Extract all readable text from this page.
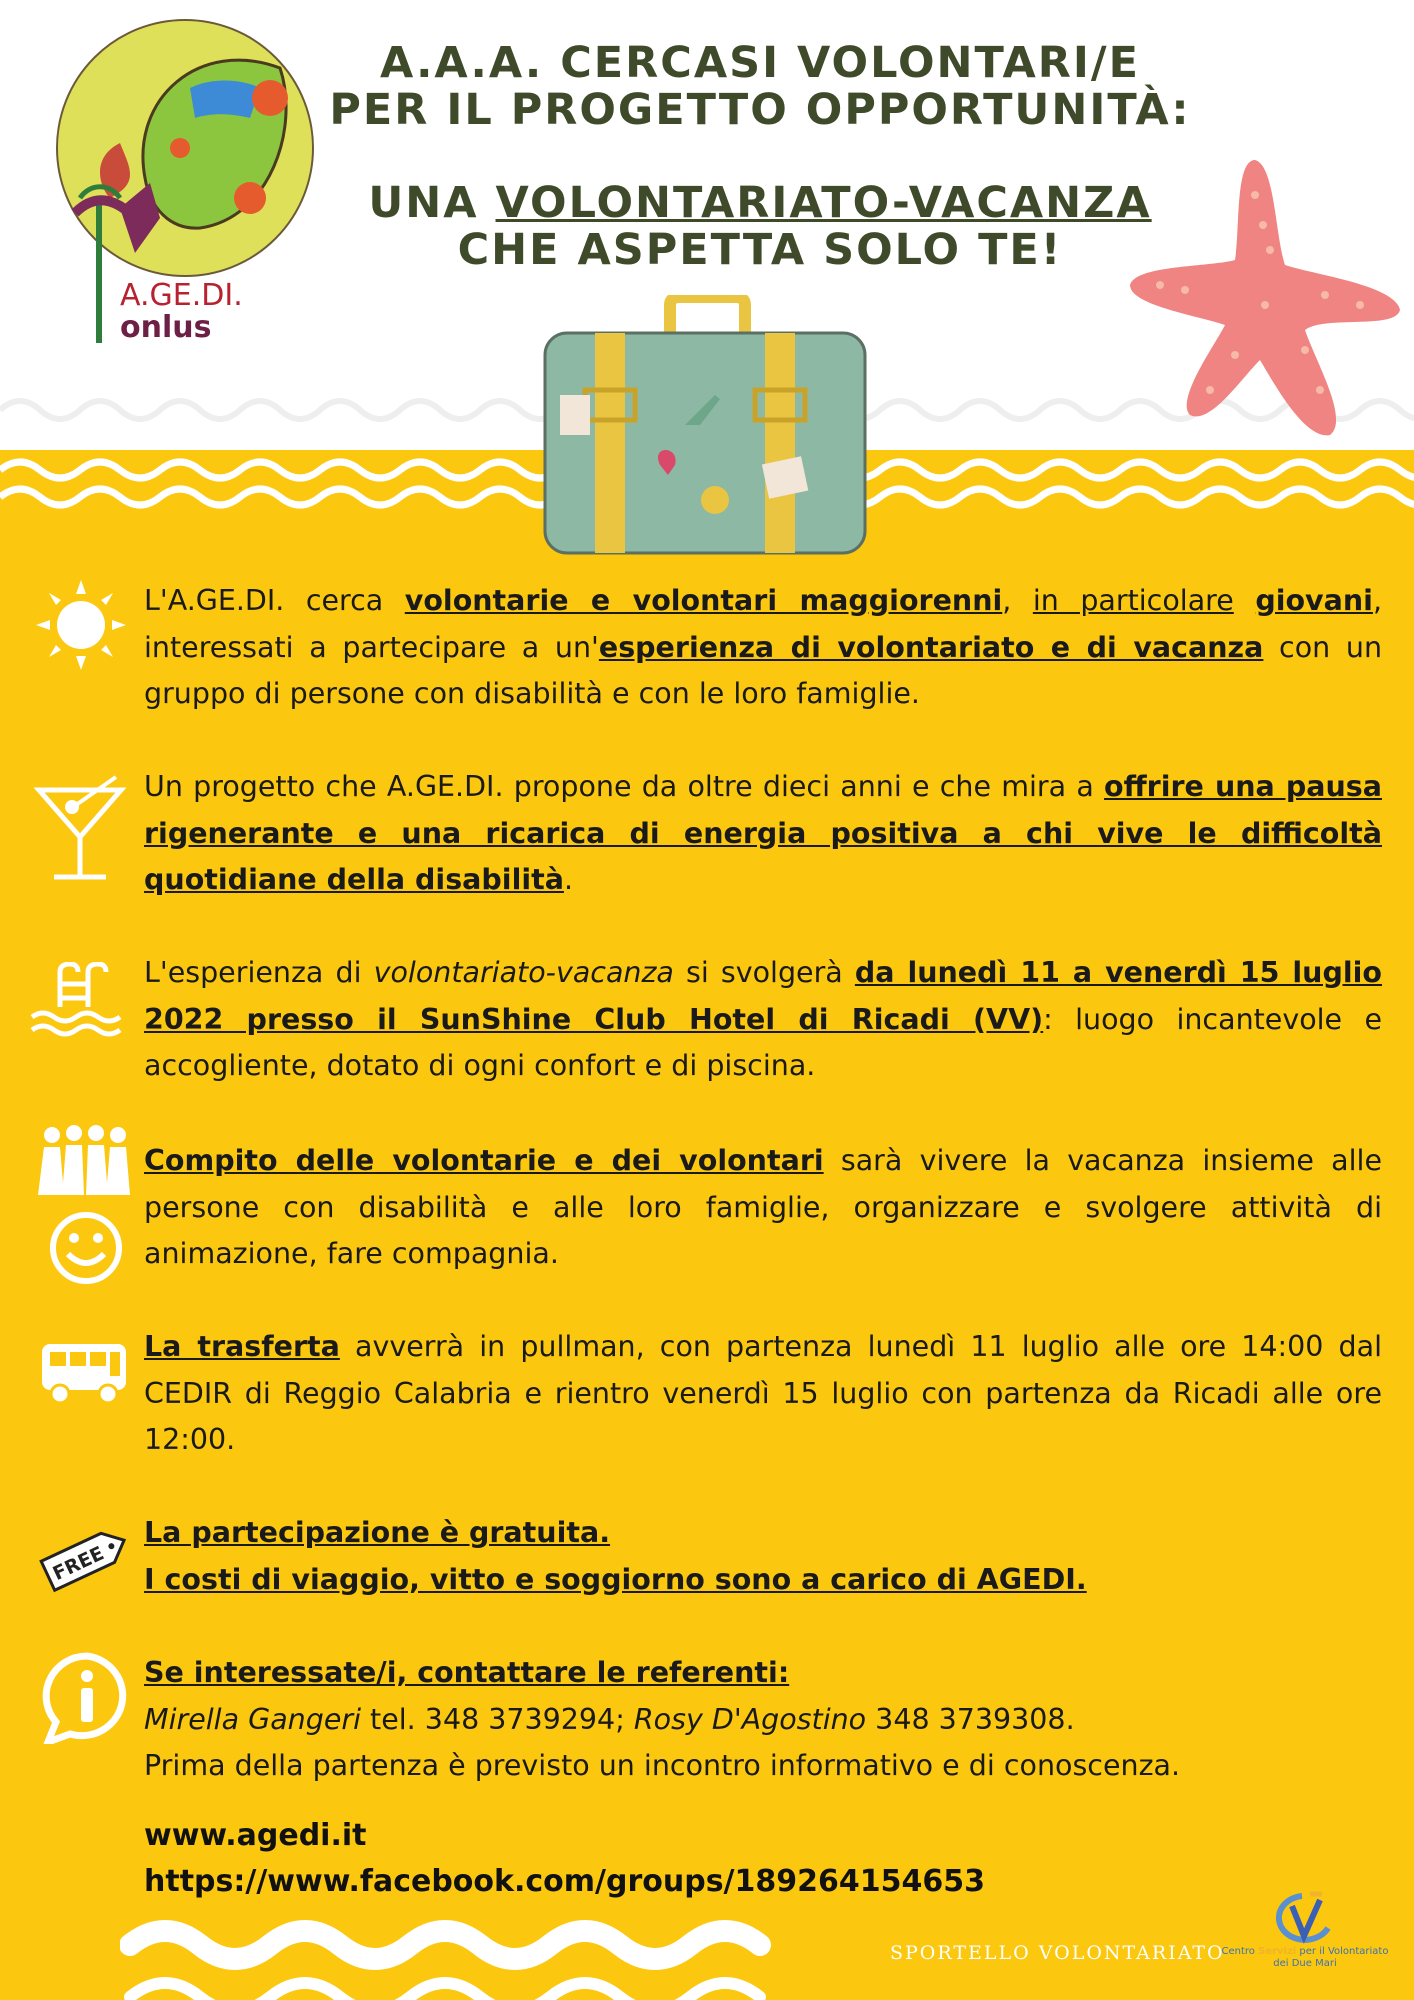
A.GE.DI.
onlus
A.A.A. CERCASI VOLONTARI/E
PER IL PROGETTO OPPORTUNITÀ:
UNA VOLONTARIATO-VACANZA
CHE ASPETTA SOLO TE!
L'A.GE.DI. cerca volontarie e volontari maggiorenni, in particolare giovani, interessati a partecipare a un'esperienza di volontariato e di vacanza con un gruppo di persone con disabilità e con le loro famiglie.
Un progetto che A.GE.DI. propone da oltre dieci anni e che mira a offrire una pausa rigenerante e una ricarica di energia positiva a chi vive le difficoltà quotidiane della disabilità.
L'esperienza di volontariato-vacanza si svolgerà da lunedì 11 a venerdì 15 luglio 2022 presso il SunShine Club Hotel di Ricadi (VV): luogo incantevole e accogliente, dotato di ogni confort e di piscina.
Compito delle volontarie e dei volontari sarà vivere la vacanza insieme alle persone con disabilità e alle loro famiglie, organizzare e svolgere attività di animazione, fare compagnia.
La trasferta avverrà in pullman, con partenza lunedì 11 luglio alle ore 14:00 dal CEDIR di Reggio Calabria e rientro venerdì 15 luglio con partenza da Ricadi alle ore 12:00.
FREE
La partecipazione è gratuita.
I costi di viaggio, vitto e soggiorno sono a carico di AGEDI.
Se interessate/i, contattare le referenti:
Mirella Gangeri tel. 348 3739294; Rosy D'Agostino 348 3739308.
Prima della partenza è previsto un incontro informativo e di conoscenza.
www.agedi.it
https://www.facebook.com/groups/189264154653
SPORTELLO VOLONTARIATO
Centro Servizi per il Volontariato
dei Due Mari
